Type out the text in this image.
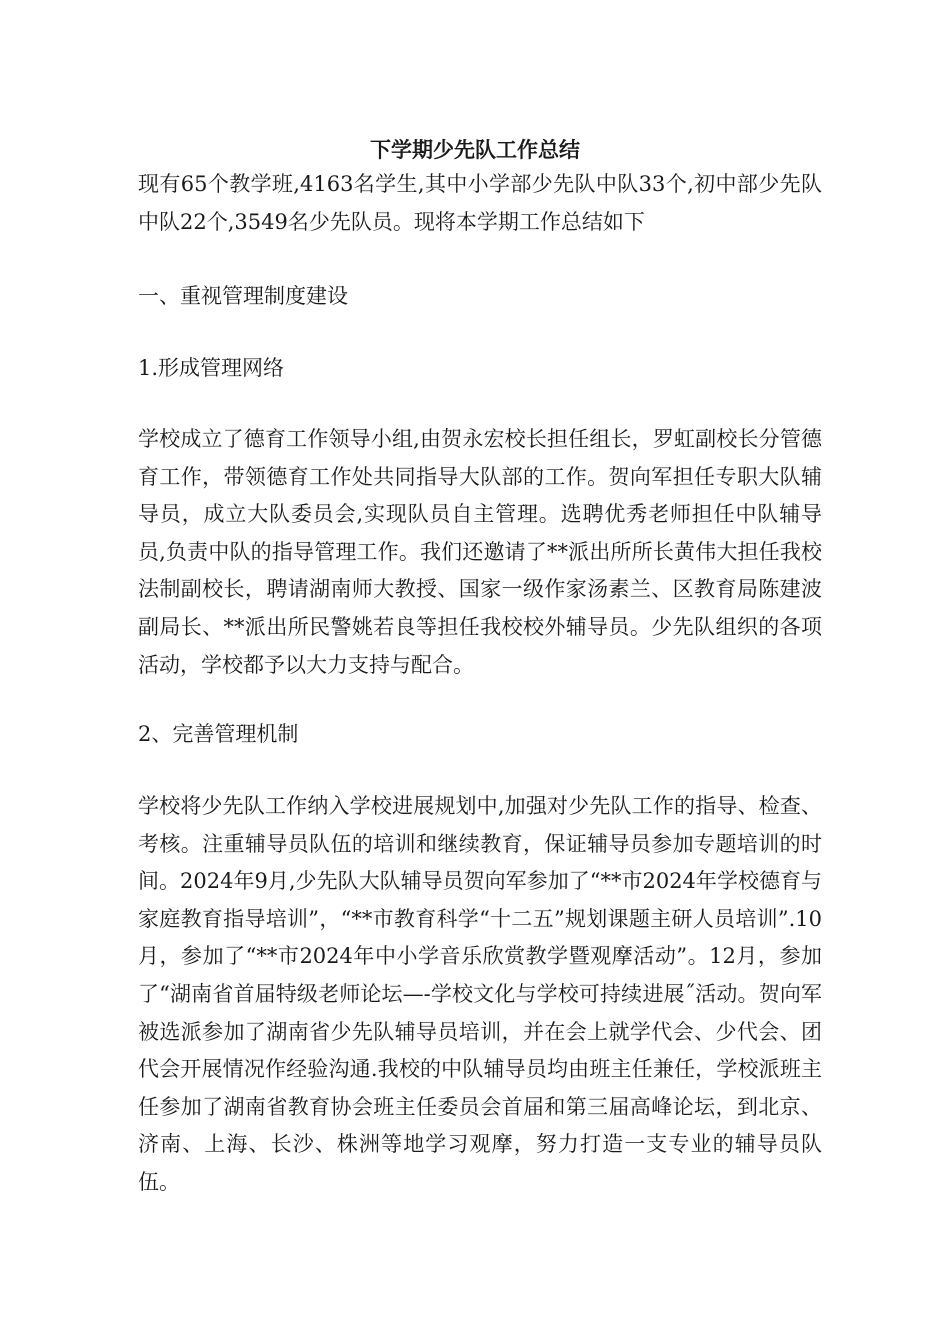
下学期少先队工作总结

现有65个教学班,4163名学生,其中小学部少先队中队33个,初中部少先队中队22个,3549名少先队员。现将本学期工作总结如下

一、重视管理制度建设

1.形成管理网络

学校成立了德育工作领导小组,由贺永宏校长担任组长，罗虹副校长分管德育工作，带领德育工作处共同指导大队部的工作。贺向军担任专职大队辅导员，成立大队委员会,实现队员自主管理。选聘优秀老师担任中队辅导员,负责中队的指导管理工作。我们还邀请了**派出所所长黄伟大担任我校法制副校长，聘请湖南师大教授、国家一级作家汤素兰、区教育局陈建波副局长、**派出所民警姚若良等担任我校校外辅导员。少先队组织的各项活动，学校都予以大力支持与配合。

2、完善管理机制

学校将少先队工作纳入学校进展规划中,加强对少先队工作的指导、检查、考核。注重辅导员队伍的培训和继续教育，保证辅导员参加专题培训的时间。2024年9月,少先队大队辅导员贺向军参加了“**市2024年学校德育与家庭教育指导培训”，“**市教育科学“十二五”规划课题主研人员培训”.10月，参加了“**市2024年中小学音乐欣赏教学暨观摩活动”。12月，参加了“湖南省首届特级老师论坛—-学校文化与学校可持续进展˝活动。贺向军被选派参加了湖南省少先队辅导员培训，并在会上就学代会、少代会、团代会开展情况作经验沟通.我校的中队辅导员均由班主任兼任，学校派班主任参加了湖南省教育协会班主任委员会首届和第三届高峰论坛，到北京、济南、上海、长沙、株洲等地学习观摩，努力打造一支专业的辅导员队伍。
